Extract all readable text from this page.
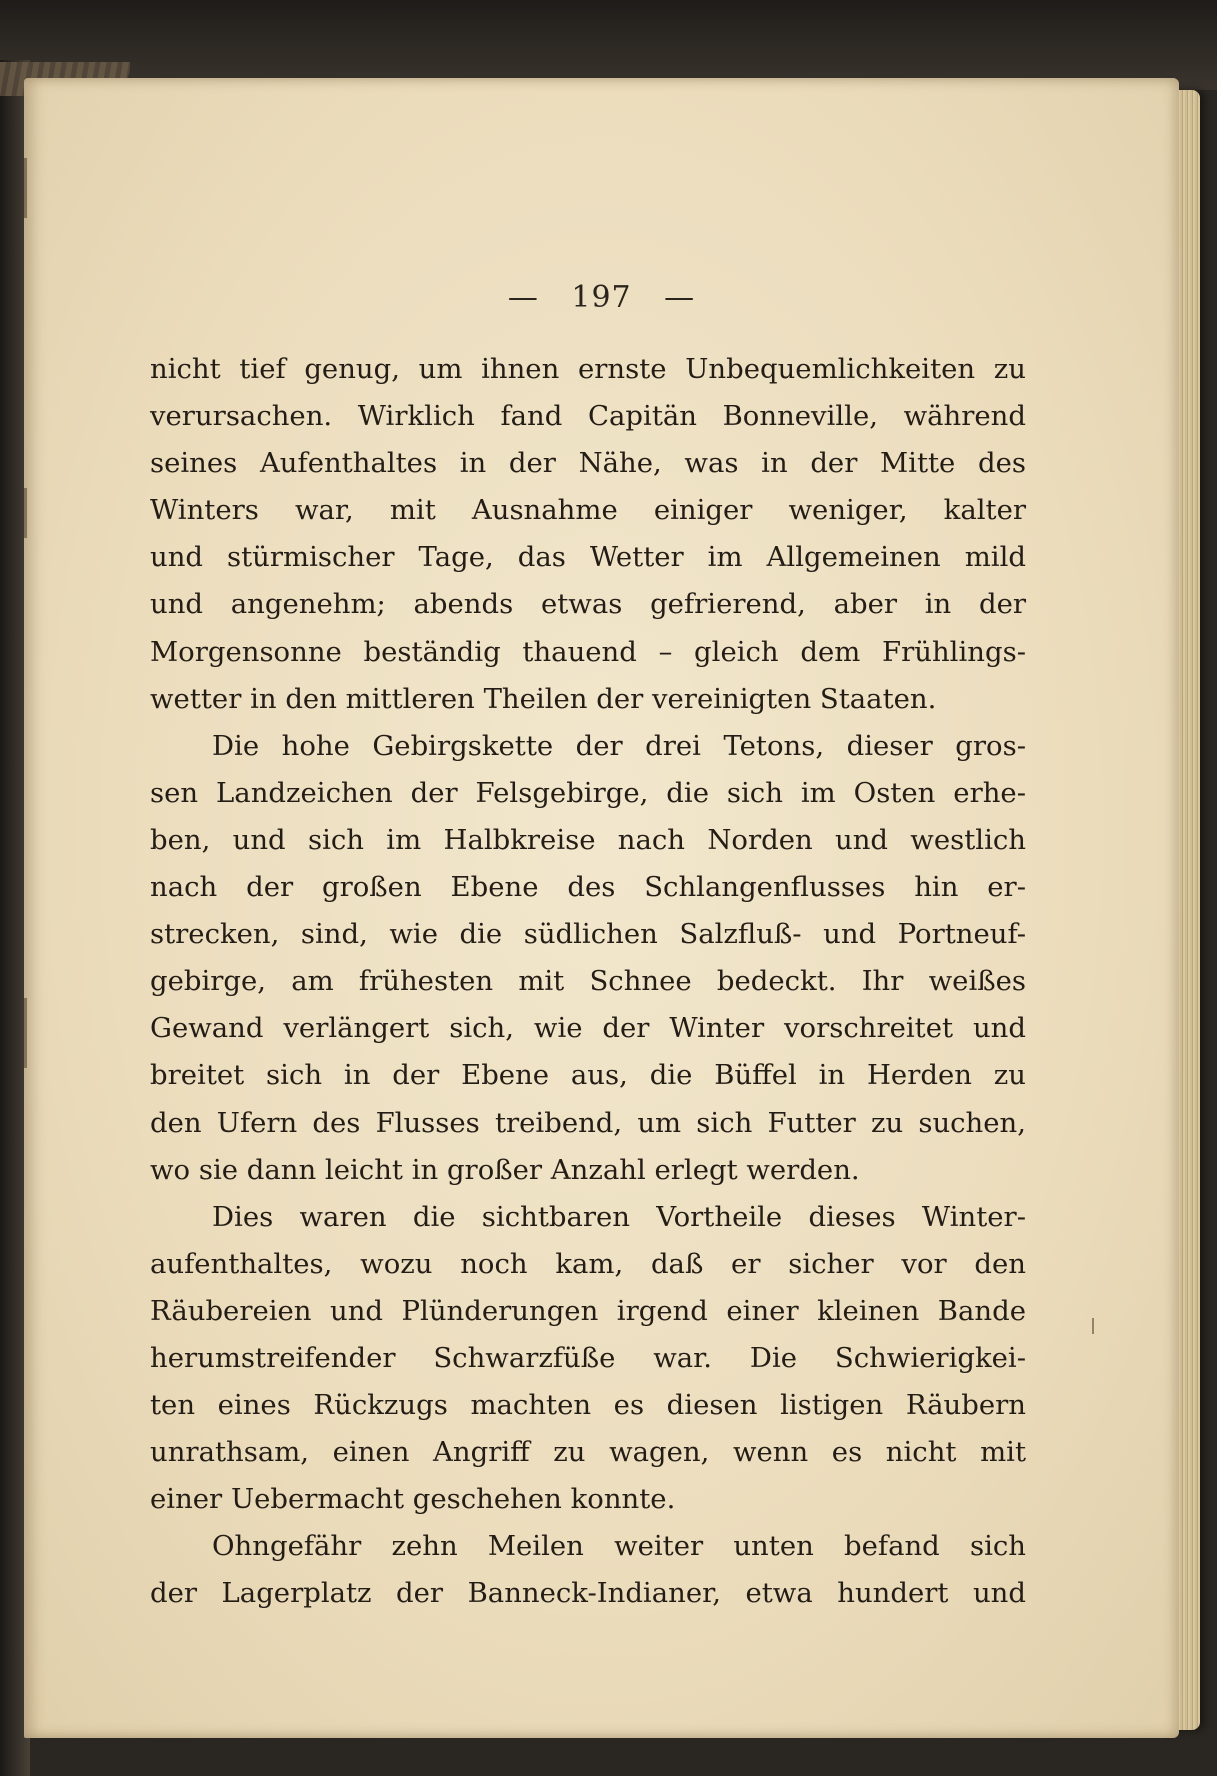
— 197 —
nicht tief genug, um ihnen ernste Unbequemlichkeiten zu
verursachen. Wirklich fand Capitän Bonneville, während
seines Aufenthaltes in der Nähe, was in der Mitte des
Winters war, mit Ausnahme einiger weniger, kalter
und stürmischer Tage, das Wetter im Allgemeinen mild
und angenehm; abends etwas gefrierend, aber in der
Morgensonne beständig thauend – gleich dem Frühlings-
wetter in den mittleren Theilen der vereinigten Staaten.
Die hohe Gebirgskette der drei Tetons, dieser gros-
sen Landzeichen der Felsgebirge, die sich im Osten erhe-
ben, und sich im Halbkreise nach Norden und westlich
nach der großen Ebene des Schlangenflusses hin er-
strecken, sind, wie die südlichen Salzfluß- und Portneuf-
gebirge, am frühesten mit Schnee bedeckt. Ihr weißes
Gewand verlängert sich, wie der Winter vorschreitet und
breitet sich in der Ebene aus, die Büffel in Herden zu
den Ufern des Flusses treibend, um sich Futter zu suchen,
wo sie dann leicht in großer Anzahl erlegt werden.
Dies waren die sichtbaren Vortheile dieses Winter-
aufenthaltes, wozu noch kam, daß er sicher vor den
Räubereien und Plünderungen irgend einer kleinen Bande
herumstreifender Schwarzfüße war. Die Schwierigkei-
ten eines Rückzugs machten es diesen listigen Räubern
unrathsam, einen Angriff zu wagen, wenn es nicht mit
einer Uebermacht geschehen konnte.
Ohngefähr zehn Meilen weiter unten befand sich
der Lagerplatz der Banneck-Indianer, etwa hundert und
